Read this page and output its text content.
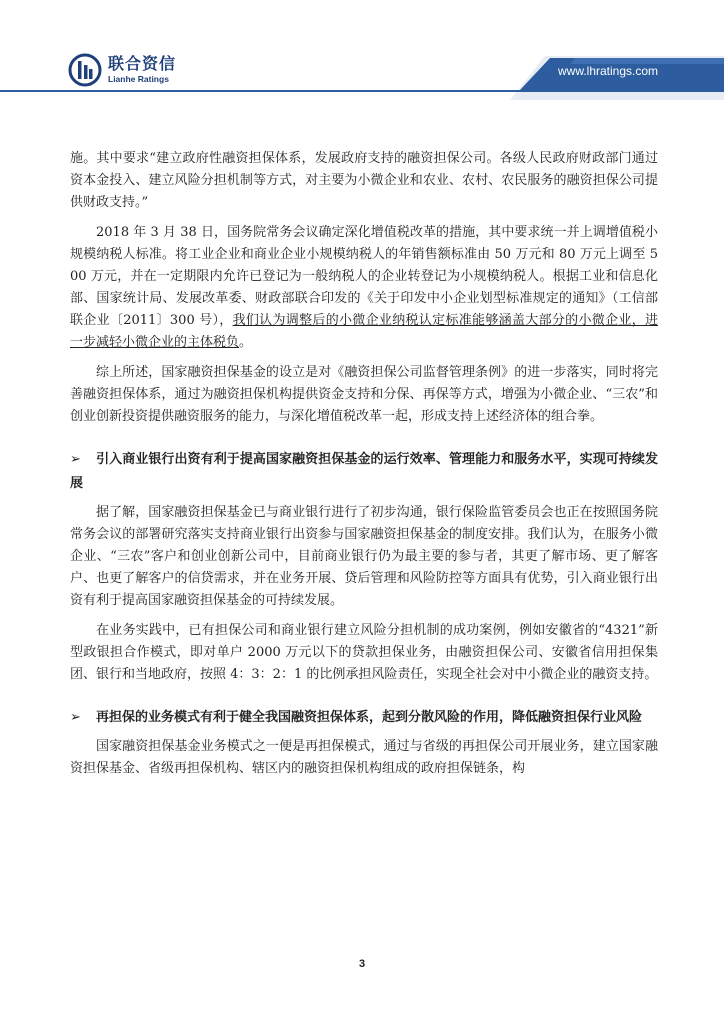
联合资信
Lianhe Ratings
www.lhratings.com

施。其中要求“建立政府性融资担保体系，发展政府支持的融资担保公司。各级人民政府财政部门通过资本金投入、建立风险分担机制等方式，对主要为小微企业和农业、农村、农民服务的融资担保公司提供财政支持。”

2018 年 3 月 38 日，国务院常务会议确定深化增值税改革的措施，其中要求统一并上调增值税小规模纳税人标准。将工业企业和商业企业小规模纳税人的年销售额标准由 50 万元和 80 万元上调至 500 万元，并在一定期限内允许已登记为一般纳税人的企业转登记为小规模纳税人。根据工业和信息化部、国家统计局、发展改革委、财政部联合印发的《关于印发中小企业划型标准规定的通知》（工信部联企业〔2011〕300 号），我们认为调整后的小微企业纳税认定标准能够涵盖大部分的小微企业，进一步减轻小微企业的主体税负。

综上所述，国家融资担保基金的设立是对《融资担保公司监督管理条例》的进一步落实，同时将完善融资担保体系，通过为融资担保机构提供资金支持和分保、再保等方式，增强为小微企业、“三农”和创业创新投资提供融资服务的能力，与深化增值税改革一起，形成支持上述经济体的组合拳。

➢ 引入商业银行出资有利于提高国家融资担保基金的运行效率、管理能力和服务水平，实现可持续发展

据了解，国家融资担保基金已与商业银行进行了初步沟通，银行保险监管委员会也正在按照国务院常务会议的部署研究落实支持商业银行出资参与国家融资担保基金的制度安排。我们认为，在服务小微企业、“三农”客户和创业创新公司中，目前商业银行仍为最主要的参与者，其更了解市场、更了解客户、也更了解客户的信贷需求，并在业务开展、贷后管理和风险防控等方面具有优势，引入商业银行出资有利于提高国家融资担保基金的可持续发展。

在业务实践中，已有担保公司和商业银行建立风险分担机制的成功案例，例如安徽省的“4321”新型政银担合作模式，即对单户 2000 万元以下的贷款担保业务，由融资担保公司、安徽省信用担保集团、银行和当地政府，按照 4：3：2：1 的比例承担风险责任，实现全社会对中小微企业的融资支持。

➢ 再担保的业务模式有利于健全我国融资担保体系，起到分散风险的作用，降低融资担保行业风险

国家融资担保基金业务模式之一便是再担保模式，通过与省级的再担保公司开展业务，建立国家融资担保基金、省级再担保机构、辖区内的融资担保机构组成的政府担保链条，构

3
